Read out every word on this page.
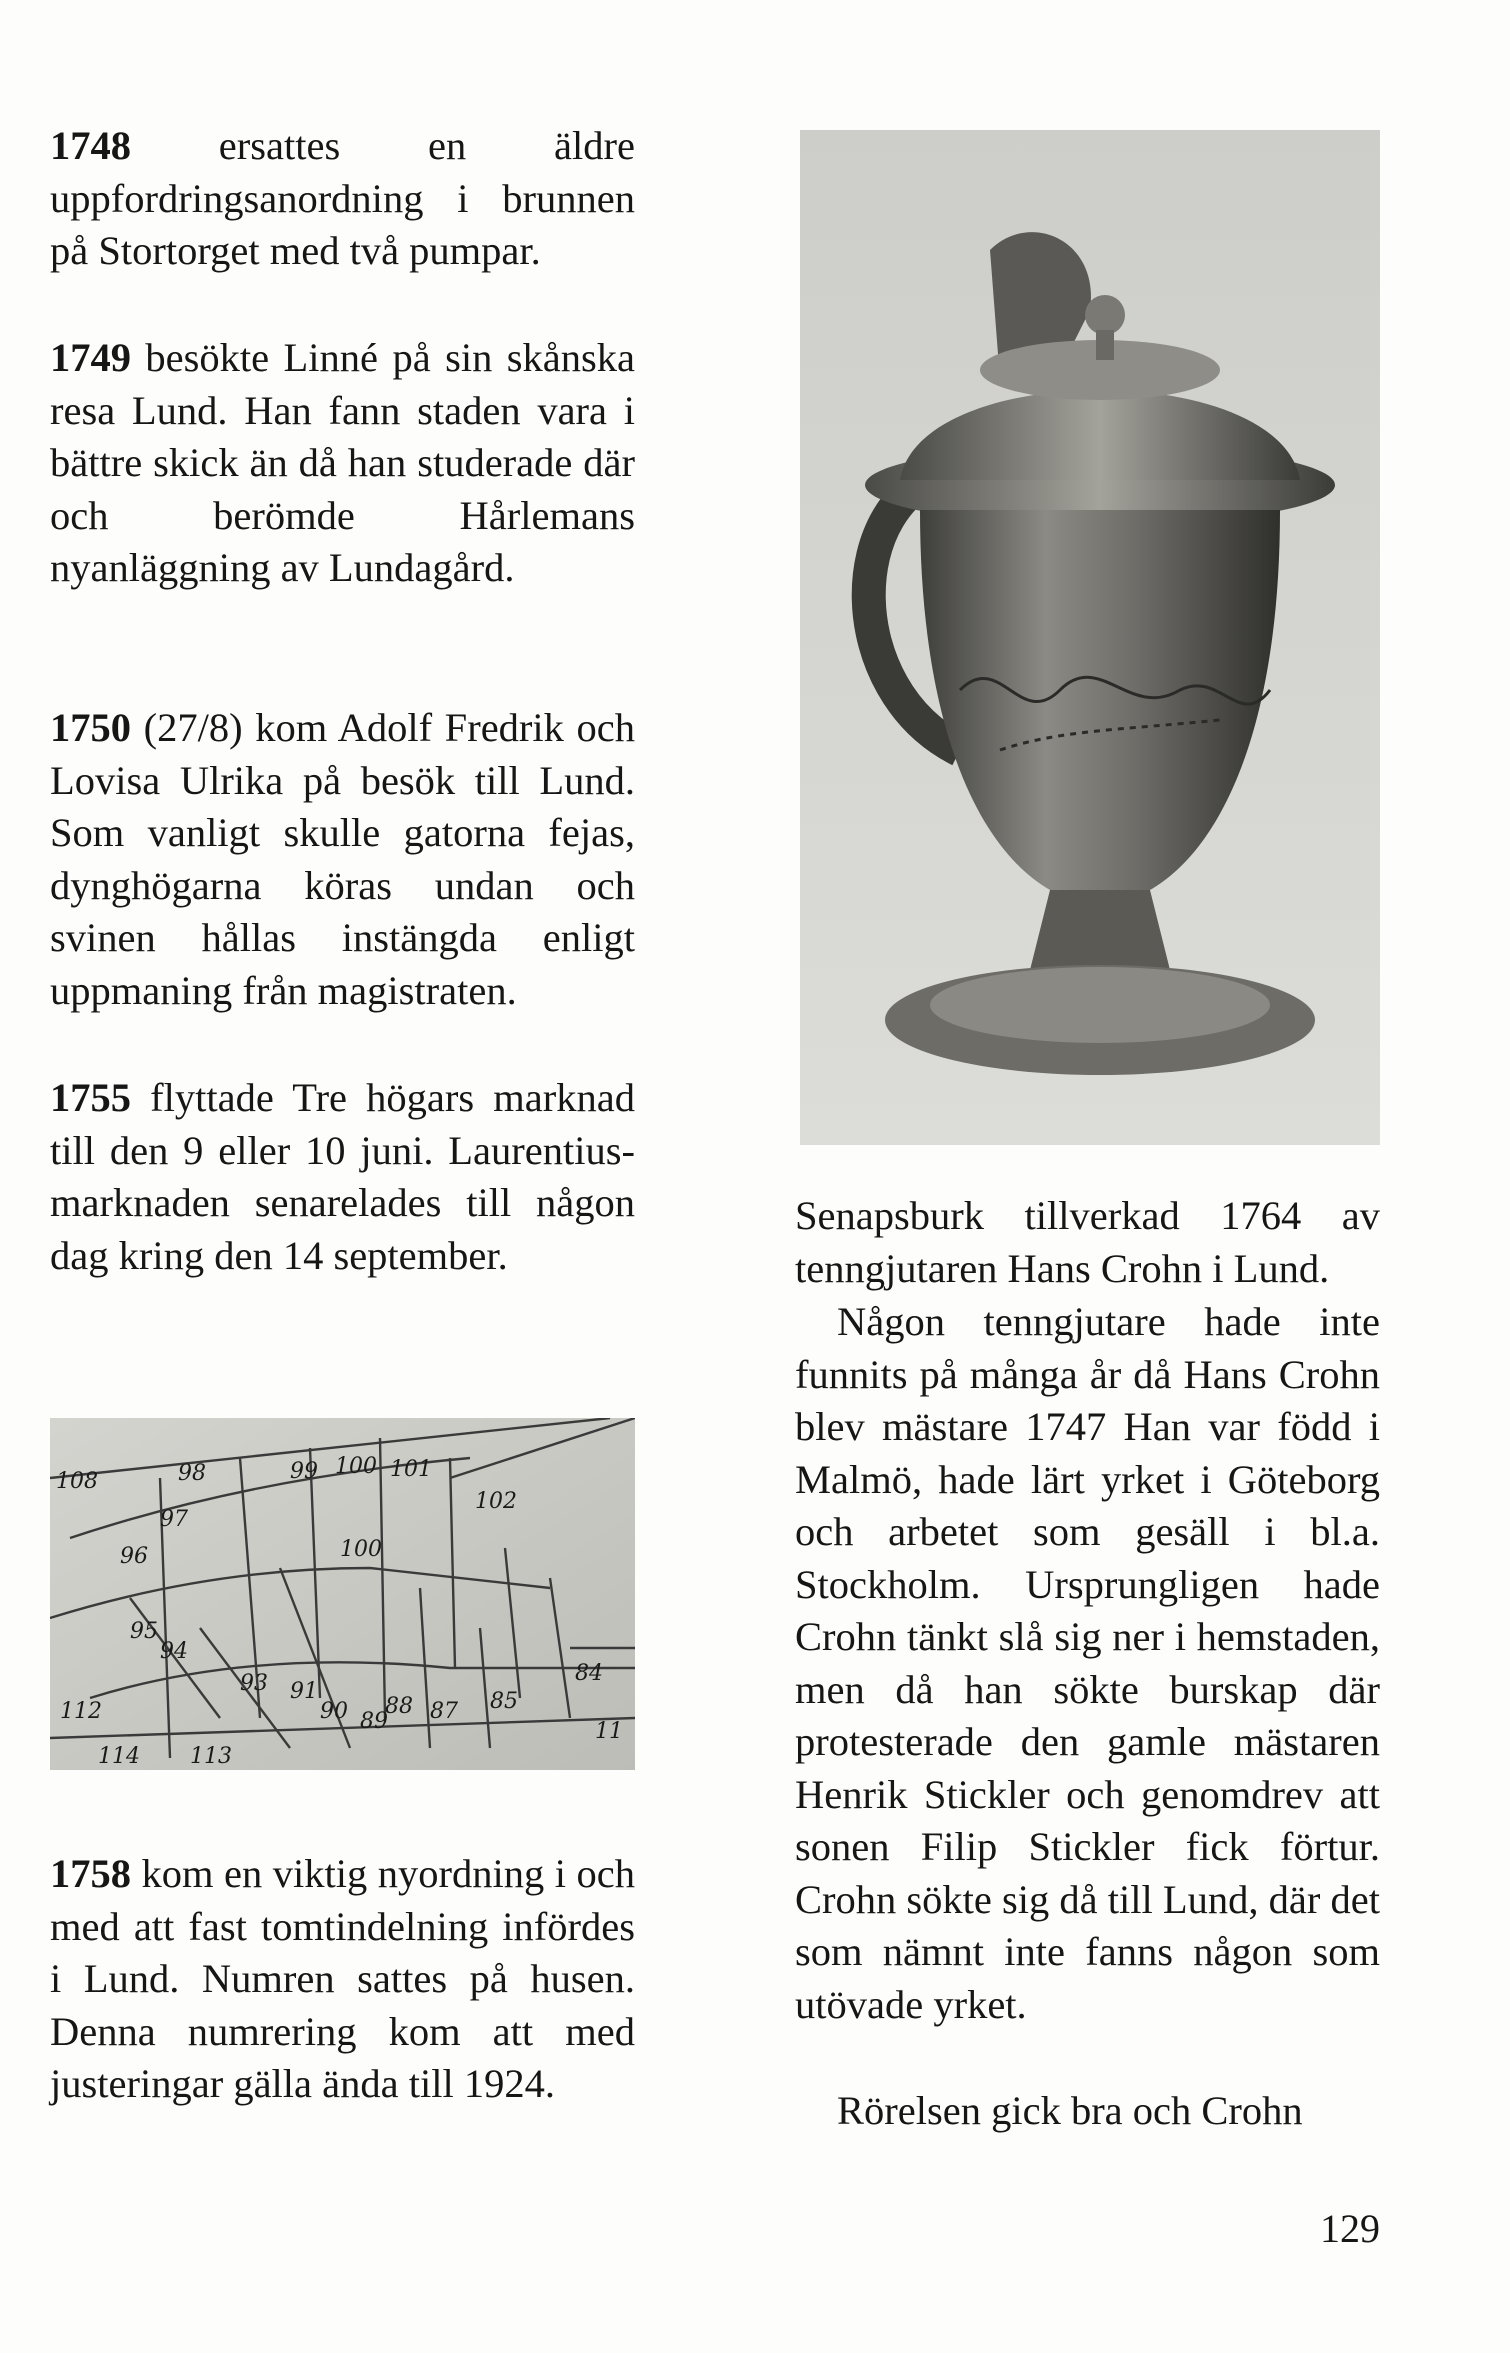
1748 ersattes en äldre uppfordringsanordning i brunnen på Stortorget med två pumpar.

1749 besökte Linné på sin skånska resa Lund. Han fann staden vara i bättre skick än då han studerade där och berömde Hårlemans nyanläggning av Lundagård.

1750 (27/8) kom Adolf Fredrik och Lovisa Ulrika på besök till Lund. Som vanligt skulle gatorna fejas, dynghögarna köras undan och svinen hållas instängda enligt uppmaning från magistraten.

1755 flyttade Tre högars marknad till den 9 eller 10 juni. Laurentius-marknaden senarelades till någon dag kring den 14 september.

1758 kom en viktig nyordning i och med att fast tomtindelning infördes i Lund. Numren sattes på husen. Denna numrering kom att med justeringar gälla ända till 1924.

108	98	99 100 101
102
97
100
96
95
94
93 91
90 89
88 87 85
84
112
114 113
11

Senapsburk tillverkad 1764 av tenngjutaren Hans Crohn i Lund.

Någon tenngjutare hade inte funnits på många år då Hans Crohn blev mästare 1747 Han var född i Malmö, hade lärt yrket i Göteborg och arbetet som gesäll i bl.a. Stockholm. Ursprungligen hade Crohn tänkt slå sig ner i hemstaden, men då han sökte burskap där protesterade den gamle mästaren Henrik Stickler och genomdrev att sonen Filip Stickler fick förtur. Crohn sökte sig då till Lund, där det som nämnt inte fanns någon som utövade yrket.

Rörelsen gick bra och Crohn

129
